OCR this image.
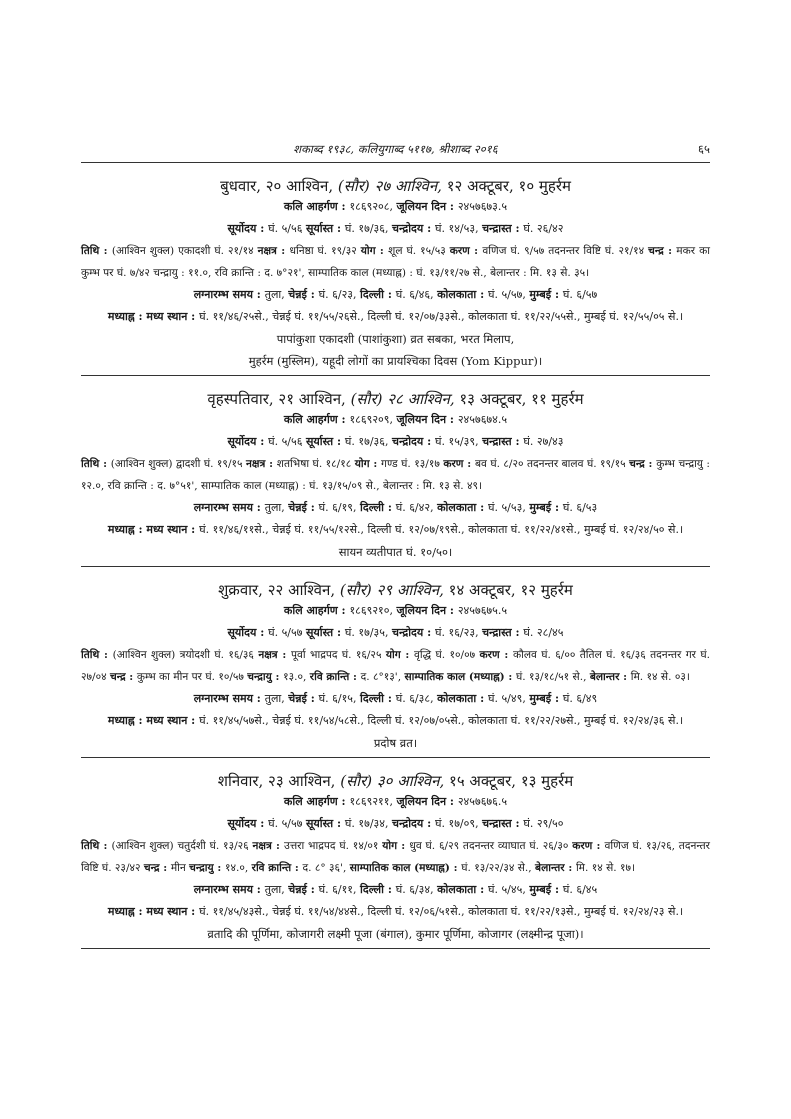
शकाब्द १९३८, कलियुगाब्द ५११७, श्रीशाब्द २०१६	६५
बुधवार, २० आश्विन, (सौर) २७ आश्विन, १२ अक्टूबर, १० मुहर्रम
कलि आहर्गण : १८६९२०८, जूलियन दिन : २४५७६७३.५
सूर्योदय : घं. ५/५६ सूर्यास्त : घं. १७/३६, चन्द्रोदय : घं. १४/५३, चन्द्रास्त : घं. २६/४२
तिथि : (आश्विन शुक्ल) एकादशी घं. २१/१४ नक्षत्र : धनिष्ठा घं. १९/३२ योग : शूल घं. १५/५३ करण : वणिज घं. ९/५७ तदनन्तर विष्टि घं. २१/१४ चन्द्र : मकर का कुम्भ पर घं. ७/४२ चन्द्रायु : ११.०, रवि क्रान्ति : द. ७°२१', साम्पातिक काल (मध्याह्न) : घं. १३/११/२७ से., बेलान्तर : मि. १३ से. ३५।
लग्नारम्भ समय : तुला, चेन्नई : घं. ६/२३, दिल्ली : घं. ६/४६, कोलकाता : घं. ५/५७, मुम्बई : घं. ६/५७
मध्याह्न : मध्य स्थान : घं. ११/४६/२५से., चेन्नई घं. ११/५५/२६से., दिल्ली घं. १२/०७/३३से., कोलकाता घं. ११/२२/५५से., मुम्बई घं. १२/५५/०५ से.।
पापांकुशा एकादशी (पाशांकुशा) व्रत सबका, भरत मिलाप,
मुहर्रम (मुस्लिम), यहूदी लोगों का प्रायश्चिका दिवस (Yom Kippur)।
वृहस्पतिवार, २१ आश्विन, (सौर) २८ आश्विन, १३ अक्टूबर, ११ मुहर्रम
कलि आहर्गण : १८६९२०९, जूलियन दिन : २४५७६७४.५
सूर्योदय : घं. ५/५६ सूर्यास्त : घं. १७/३६, चन्द्रोदय : घं. १५/३९, चन्द्रास्त : घं. २७/४३
तिथि : (आश्विन शुक्ल) द्वादशी घं. १९/१५ नक्षत्र : शतभिषा घं. १८/१८ योग : गण्ड घं. १३/१७ करण : बव घं. ८/२० तदनन्तर बालव घं. १९/१५ चन्द्र : कुम्भ चन्द्रायु : १२.०, रवि क्रान्ति : द. ७°५१', साम्पातिक काल (मध्याह्न) : घं. १३/१५/०९ से., बेलान्तर : मि. १३ से. ४९।
लग्नारम्भ समय : तुला, चेन्नई : घं. ६/१९, दिल्ली : घं. ६/४२, कोलकाता : घं. ५/५३, मुम्बई : घं. ६/५३
मध्याह्न : मध्य स्थान : घं. ११/४६/११से., चेन्नई घं. ११/५५/१२से., दिल्ली घं. १२/०७/१९से., कोलकाता घं. ११/२२/४१से., मुम्बई घं. १२/२४/५० से.।
सायन व्यतीपात घं. १०/५०।
शुक्रवार, २२ आश्विन, (सौर) २९ आश्विन, १४ अक्टूबर, १२ मुहर्रम
कलि आहर्गण : १८६९२१०, जूलियन दिन : २४५७६७५.५
सूर्योदय : घं. ५/५७ सूर्यास्त : घं. १७/३५, चन्द्रोदय : घं. १६/२३, चन्द्रास्त : घं. २८/४५
तिथि : (आश्विन शुक्ल) त्रयोदशी घं. १६/३६ नक्षत्र : पूर्वा भाद्रपद घं. १६/२५ योग : वृद्धि घं. १०/०७ करण : कौलव घं. ६/०० तैतिल घं. १६/३६ तदनन्तर गर घं. २७/०४ चन्द्र : कुम्भ का मीन पर घं. १०/५७ चन्द्रायु : १३.०, रवि क्रान्ति : द. ८°१३', साम्पातिक काल (मध्याह्न) : घं. १३/१८/५१ से., बेलान्तर : मि. १४ से. ०३।
लग्नारम्भ समय : तुला, चेन्नई : घं. ६/१५, दिल्ली : घं. ६/३८, कोलकाता : घं. ५/४९, मुम्बई : घं. ६/४९
मध्याह्न : मध्य स्थान : घं. ११/४५/५७से., चेन्नई घं. ११/५४/५८से., दिल्ली घं. १२/०७/०५से., कोलकाता घं. ११/२२/२७से., मुम्बई घं. १२/२४/३६ से.।
प्रदोष व्रत।
शनिवार, २३ आश्विन, (सौर) ३० आश्विन, १५ अक्टूबर, १३ मुहर्रम
कलि आहर्गण : १८६९२११, जूलियन दिन : २४५७६७६.५
सूर्योदय : घं. ५/५७ सूर्यास्त : घं. १७/३४, चन्द्रोदय : घं. १७/०९, चन्द्रास्त : घं. २९/५०
तिथि : (आश्विन शुक्ल) चतुर्दशी घं. १३/२६ नक्षत्र : उत्तरा भाद्रपद घं. १४/०१ योग : धुव घं. ६/२९ तदनन्तर व्याघात घं. २६/३० करण : वणिज घं. १३/२६, तदनन्तर विष्टि घं. २३/४२ चन्द्र : मीन चन्द्रायु : १४.०, रवि क्रान्ति : द. ८° ३६', साम्पातिक काल (मध्याह्न) : घं. १३/२२/३४ से., बेलान्तर : मि. १४ से. १७।
लग्नारम्भ समय : तुला, चेन्नई : घं. ६/११, दिल्ली : घं. ६/३४, कोलकाता : घं. ५/४५, मुम्बई : घं. ६/४५
मध्याह्न : मध्य स्थान : घं. ११/४५/४३से., चेन्नई घं. ११/५४/४४से., दिल्ली घं. १२/०६/५१से., कोलकाता घं. ११/२२/१३से., मुम्बई घं. १२/२४/२३ से.।
व्रतादि की पूर्णिमा, कोजागरी लक्ष्मी पूजा (बंगाल), कुमार पूर्णिमा, कोजागर (लक्ष्मीन्द्र पूजा)।
